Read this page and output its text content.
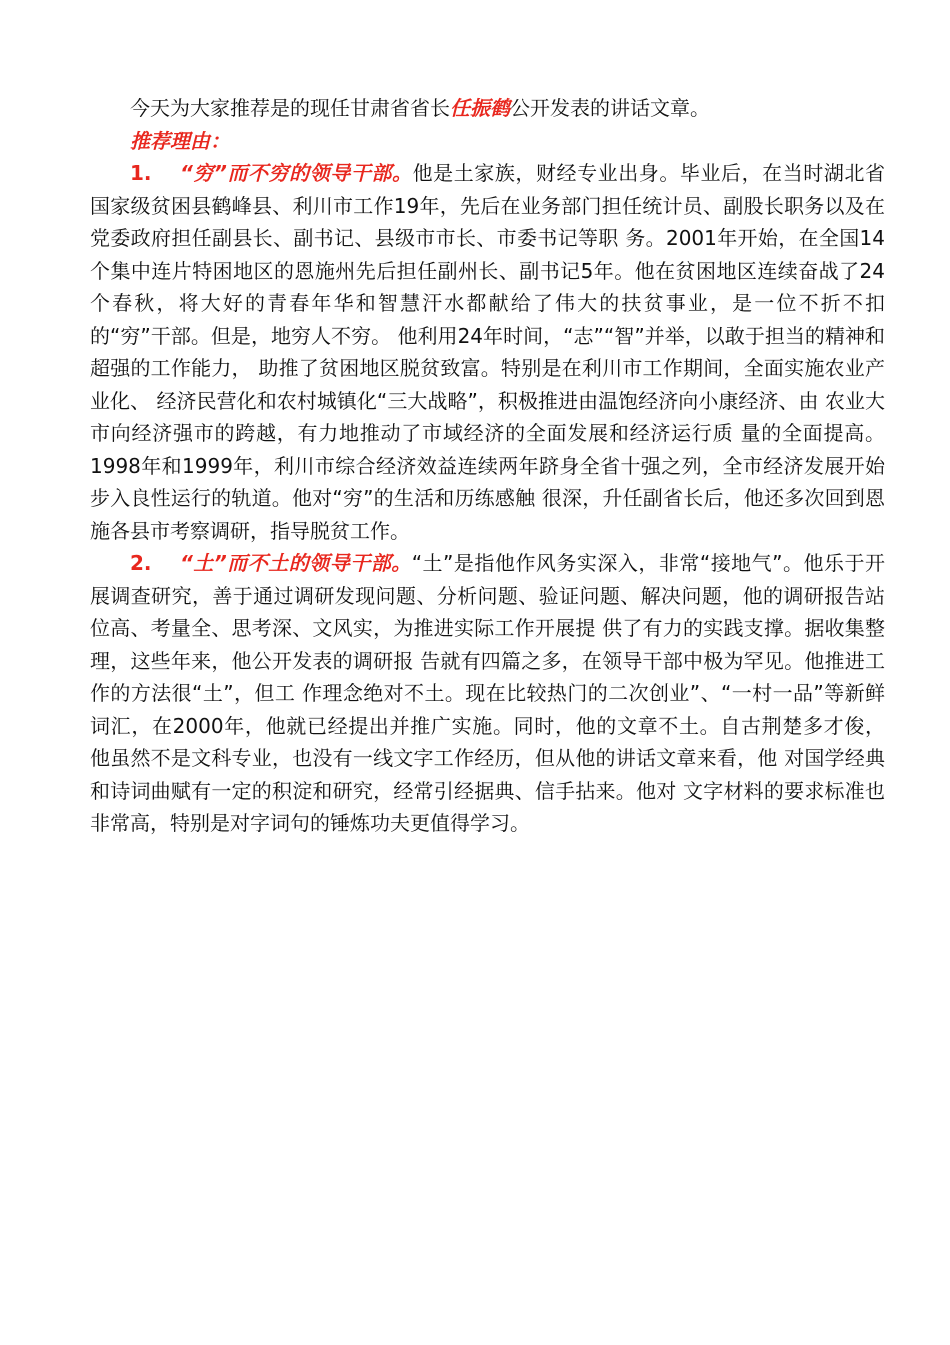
今天为大家推荐是的现任甘肃省省长任振鹤公开发表的讲话文章。

推荐理由：

1. “穷”而不穷的领导干部。他是土家族，财经专业出身。毕业后，在当时湖北省国家级贫困县鹤峰县、利川市工作19年，先后在业务部门担任统计员、副股长职务以及在党委政府担任副县长、副书记、县级市市长、市委书记等职 务。2001年开始，在全国14个集中连片特困地区的恩施州先后担任副州长、副书记5年。他在贫困地区连续奋战了24个春秋，将大好的青春年华和智慧汗水都献给了伟大的扶贫事业，是一位不折不扣的“穷”干部。但是，地穷人不穷。 他利用24年时间，“志”“智”并举，以敢于担当的精神和超强的工作能力， 助推了贫困地区脱贫致富。特别是在利川市工作期间，全面实施农业产业化、 经济民营化和农村城镇化“三大战略”，积极推进由温饱经济向小康经济、由 农业大市向经济强市的跨越，有力地推动了市域经济的全面发展和经济运行质 量的全面提高。1998年和1999年，利川市综合经济效益连续两年跻身全省十强之列，全市经济发展开始步入良性运行的轨道。他对“穷”的生活和历练感触 很深，升任副省长后，他还多次回到恩施各县市考察调研，指导脱贫工作。

2. “土”而不土的领导干部。“土”是指他作风务实深入，非常“接地气”。他乐于开展调查研究，善于通过调研发现问题、分析问题、验证问题、解决问题，他的调研报告站位高、考量全、思考深、文风实，为推进实际工作开展提 供了有力的实践支撑。据收集整理，这些年来，他公开发表的调研报 告就有四篇之多，在领导干部中极为罕见。他推进工作的方法很“土”，但工 作理念绝对不土。现在比较热门的二次创业”、“一村一品”等新鲜词汇，在2000年，他就已经提出并推广实施。同时，他的文章不土。自古荆楚多才俊， 他虽然不是文科专业，也没有一线文字工作经历，但从他的讲话文章来看，他 对国学经典和诗词曲赋有一定的积淀和研究，经常引经据典、信手拈来。他对 文字材料的要求标准也非常高，特别是对字词句的锤炼功夫更值得学习。
